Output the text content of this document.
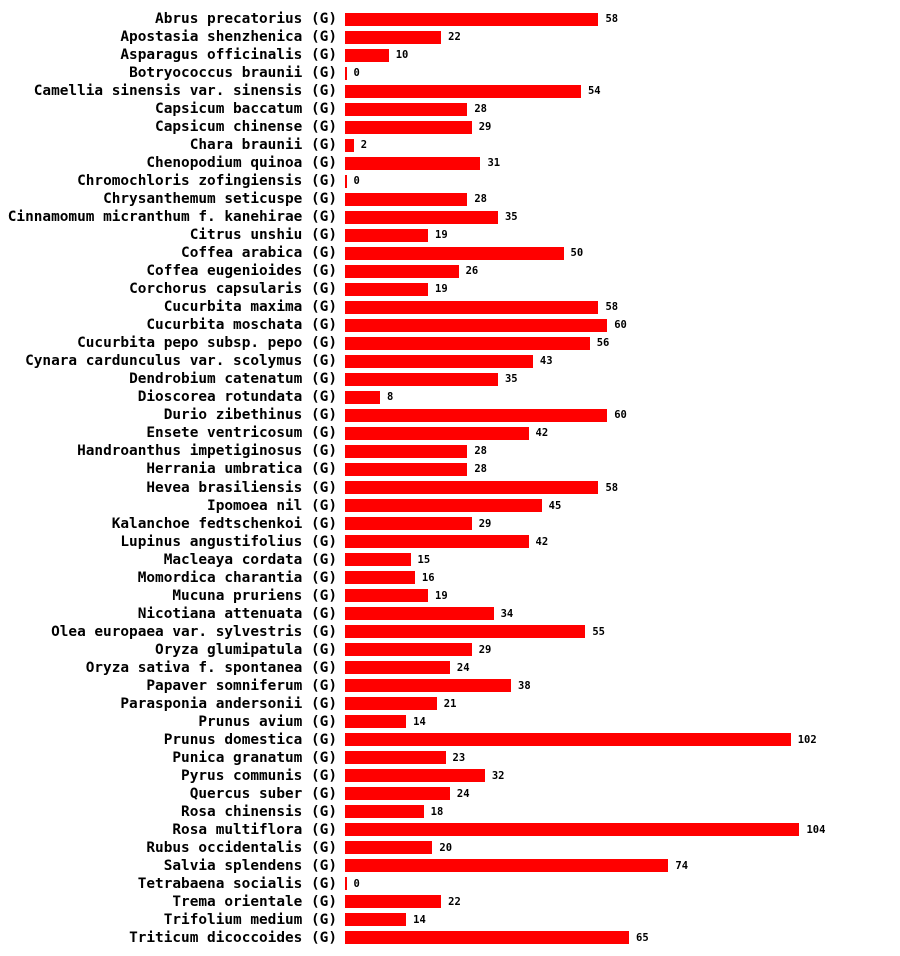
Abrus precatorius (G)	58
Apostasia shenzhenica (G)	22
Asparagus officinalis (G)	10
Botryococcus braunii (G) 0
Camellia sinensis var. sinensis (G)	54
Capsicum baccatum (G)	28
Capsicum chinense (G)	29
Chara braunii (G) 2
Chenopodium quinoa (G)	31
Chromochloris zofingiensis (G) 0
Chrysanthemum seticuspe (G)	28
Cinnamomum micranthum f. kanehirae (G)	35
Citrus unshiu (G)	19
Coffea arabica (G)	50
Coffea eugenioides (G)	26
Corchorus capsularis (G)	19
Cucurbita maxima (G)	58
Cucurbita moschata (G)	60
Cucurbita pepo subsp. pepo (G)	56
Cynara cardunculus var. scolymus (G)	43
Dendrobium catenatum (G)	35
Dioscorea rotundata (G)	8
Durio zibethinus (G)	60
Ensete ventricosum (G)	42
Handroanthus impetiginosus (G)	28
Herrania umbratica (G)	28
Hevea brasiliensis (G)	58
Ipomoea nil (G)	45
Kalanchoe fedtschenkoi (G)	29
Lupinus angustifolius (G)	42
Macleaya cordata (G)	15
Momordica charantia (G)	16
Mucuna pruriens (G)	19
Nicotiana attenuata (G)	34
Olea europaea var. sylvestris (G)	55
Oryza glumipatula (G)	29
Oryza sativa f. spontanea (G)	24
Papaver somniferum (G)	38
Parasponia andersonii (G)	21
Prunus avium (G)	14
Prunus domestica (G)	102
Punica granatum (G)	23
Pyrus communis (G)	32
Quercus suber (G)	24
Rosa chinensis (G)	18
Rosa multiflora (G)	104
Rubus occidentalis (G)	20
Salvia splendens (G)	74
Tetrabaena socialis (G) 0
Trema orientale (G)	22
Trifolium medium (G)	14
Triticum dicoccoides (G)	65
